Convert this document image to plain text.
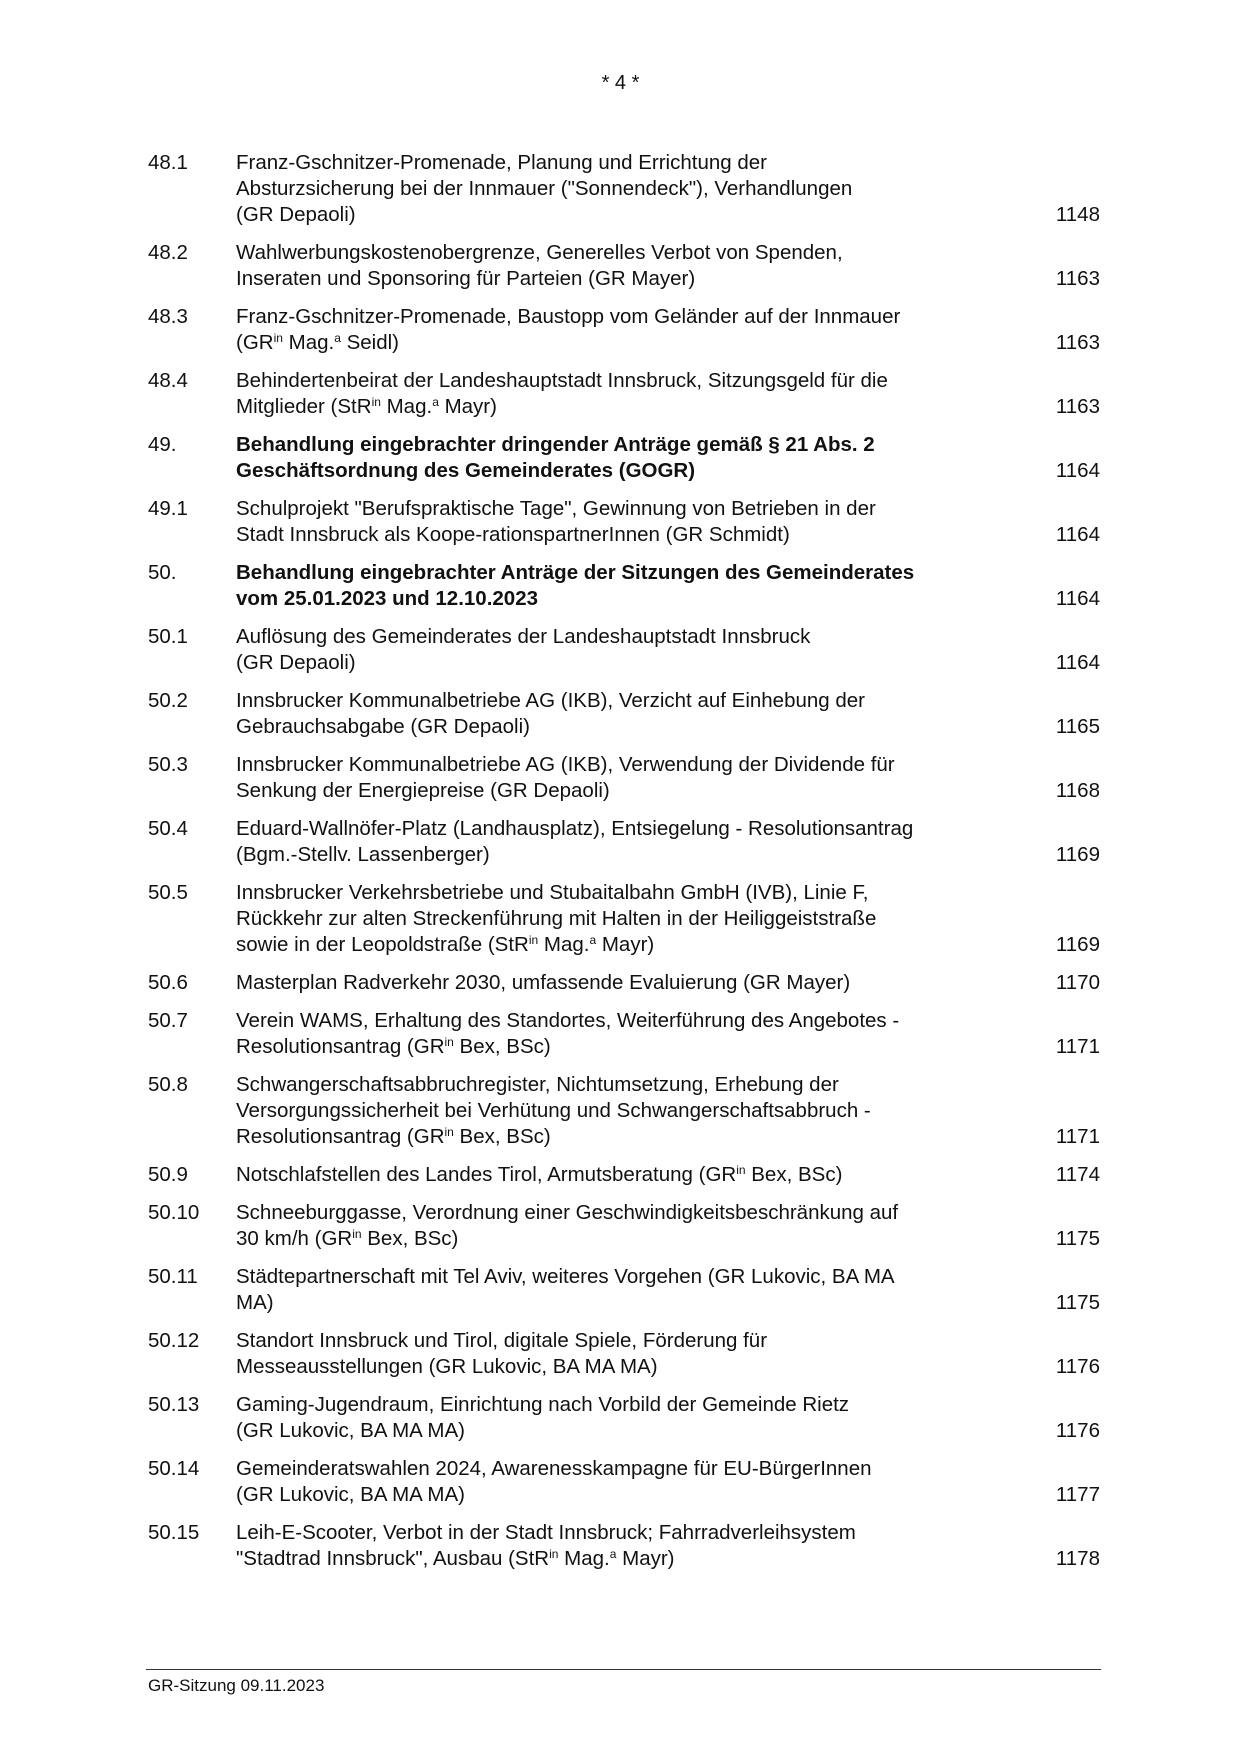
* 4 *
48.1	Franz-Gschnitzer-Promenade, Planung und Errichtung der
Absturzsicherung bei der Innmauer ("Sonnendeck"), Verhandlungen
(GR Depaoli)	1148
48.2	Wahlwerbungskostenobergrenze, Generelles Verbot von Spenden,
Inseraten und Sponsoring für Parteien (GR Mayer)	1163
48.3	Franz-Gschnitzer-Promenade, Baustopp vom Geländer auf der Innmauer
($GR^{in}$ Mag.$^a$ Seidl)	1163
48.4	Behindertenbeirat der Landeshauptstadt Innsbruck, Sitzungsgeld für die
Mitglieder (StR$^{in}$ Mag.$^a$ Mayr)	1163
49.	Behandlung eingebrachter dringender Anträge gemäß § 21 Abs. 2
Geschäftsordnung des Gemeinderates (GOGR)	1164
49.1	Schulprojekt "Berufspraktische Tage", Gewinnung von Betrieben in der
Stadt Innsbruck als Koope-rationspartnerInnen (GR Schmidt)	1164
50.	Behandlung eingebrachter Anträge der Sitzungen des Gemeinderates
vom 25.01.2023 und 12.10.2023	1164
50.1	Auflösung des Gemeinderates der Landeshauptstadt Innsbruck
(GR Depaoli)	1164
50.2	Innsbrucker Kommunalbetriebe AG (IKB), Verzicht auf Einhebung der
Gebrauchsabgabe (GR Depaoli)	1165
50.3	Innsbrucker Kommunalbetriebe AG (IKB), Verwendung der Dividende für
Senkung der Energiepreise (GR Depaoli)	1168
50.4	Eduard-Wallnöfer-Platz (Landhausplatz), Entsiegelung - Resolutionsantrag
(Bgm.-Stellv. Lassenberger)	1169
50.5	Innsbrucker Verkehrsbetriebe und Stubaitalbahn GmbH (IVB), Linie F,
Rückkehr zur alten Streckenführung mit Halten in der Heiliggeiststraße
sowie in der Leopoldstraße (StR$^{in}$ Mag.$^a$ Mayr)	1169
50.6	Masterplan Radverkehr 2030, umfassende Evaluierung (GR Mayer)	1170
50.7	Verein WAMS, Erhaltung des Standortes, Weiterführung des Angebotes -
Resolutionsantrag ($GR^{in}$ Bex, BSc)	1171
50.8	Schwangerschaftsabbruchregister, Nichtumsetzung, Erhebung der
Versorgungssicherheit bei Verhütung und Schwangerschaftsabbruch -
Resolutionsantrag ($GR^{in}$ Bex, BSc)	1171
50.9	Notschlafstellen des Landes Tirol, Armutsberatung ($GR^{in}$ Bex, BSc)	1174
50.10	Schneeburggasse, Verordnung einer Geschwindigkeitsbeschränkung auf
30 km/h ($GR^{in}$ Bex, BSc)	1175
50.11	Städtepartnerschaft mit Tel Aviv, weiteres Vorgehen (GR Lukovic, BA MA
MA)	1175
50.12	Standort Innsbruck und Tirol, digitale Spiele, Förderung für
Messeausstellungen (GR Lukovic, BA MA MA)	1176
50.13	Gaming-Jugendraum, Einrichtung nach Vorbild der Gemeinde Rietz
(GR Lukovic, BA MA MA)	1176
50.14	Gemeinderatswahlen 2024, Awarenesskampagne für EU-BürgerInnen
(GR Lukovic, BA MA MA)	1177
50.15	Leih-E-Scooter, Verbot in der Stadt Innsbruck; Fahrradverleihsystem
"Stadtrad Innsbruck", Ausbau (StR$^{in}$ Mag.$^a$ Mayr)	1178
GR-Sitzung 09.11.2023
